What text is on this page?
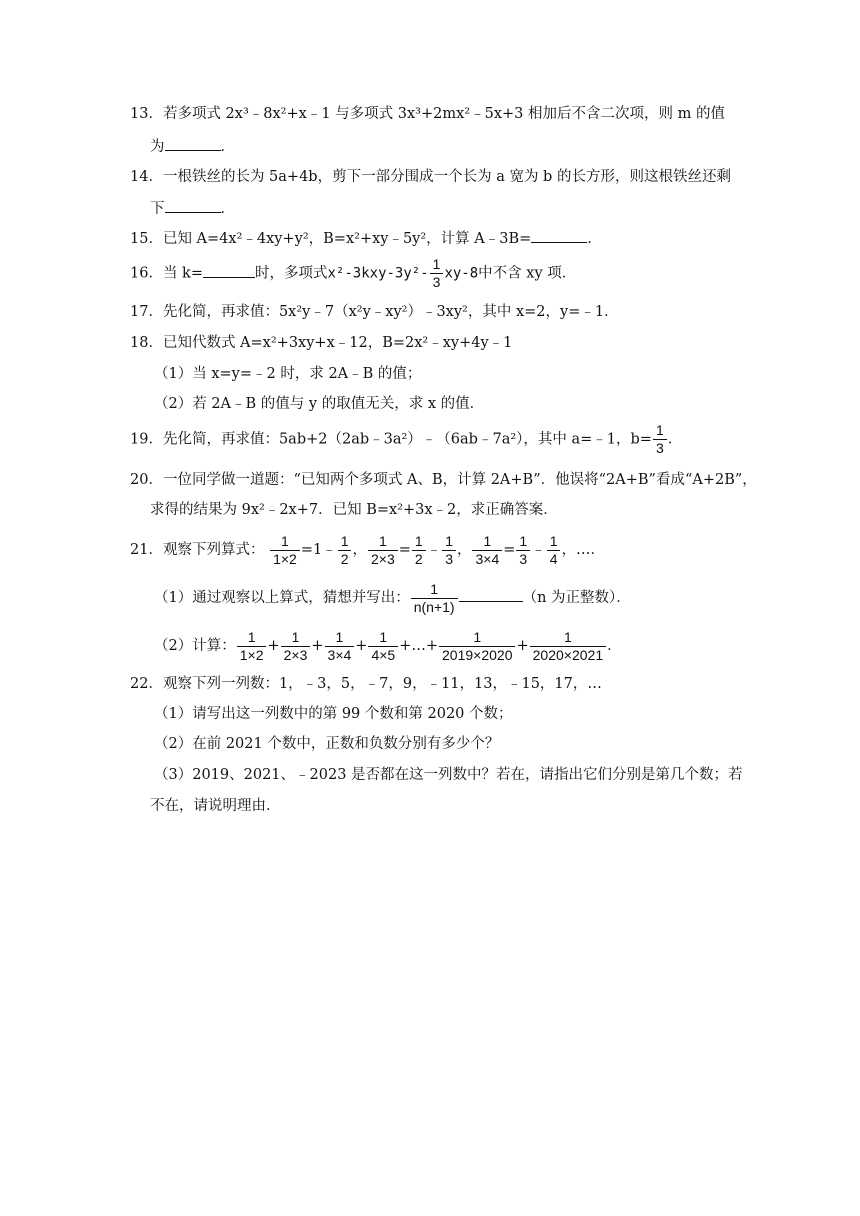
13．若多项式 2x³﹣8x²+x﹣1 与多项式 3x³+2mx²﹣5x+3 相加后不含二次项，则 m 的值
为	．
14．一根铁丝的长为 5a+4b，剪下一部分围成一个长为 a 宽为 b 的长方形，则这根铁丝还剩
下	．
15．已知 A=4x²﹣4xy+y²，B=x²+xy﹣5y²，计算 A﹣3B=	．
16．当 k=	时，多项式$x^2-3kxy-3y^2- \frac{1}{3} xy-8$中不含 xy 项．
17．先化简，再求值：5x²y﹣7（x²y﹣xy²）﹣3xy²，其中 x=2，y=﹣1．
18．已知代数式 A=x²+3xy+x﹣12，B=2x²﹣xy+4y﹣1
（1）当 x=y=﹣2 时，求 2A﹣B 的值；
（2）若 2A﹣B 的值与 y 的取值无关，求 x 的值．
19．先化简，再求值：5ab+2（2ab﹣3a²）﹣（6ab﹣7a²），其中 a=﹣1，$b= \frac{1}{3}$ ．
20．一位同学做一道题：“已知两个多项式 A、B，计算 2A+B”．他误将“2A+B”看成“A+2B”，
求得的结果为 9x²﹣2x+7．已知 B=x²+3x﹣2，求正确答案．
21．观察下列算式： $\frac{1}{1\times 2}$ =1﹣ $\frac{1}{2}$ ， $\frac{1}{2\times 3} = \frac{1}{2}$ ﹣ $\frac{1}{3}$ ， $\frac{1}{3\times 4} = \frac{1}{3}$ ﹣ $\frac{1}{4}$ ，…．
（1）通过观察以上算式，猜想并写出： $\frac{1}{n(n+1)}$	（n 为正整数）．
（2）计算： $\frac{1}{1\times 2} + \frac{1}{2\times 3} + \frac{1}{3\times 4} + \frac{1}{4\times 5}$ +…+ $\frac{1}{2019\times 2020} + \frac{1}{2020\times 2021}$ ．
22．观察下列一列数：1，﹣3，5，﹣7，9，﹣11，13，﹣15，17，…
（1）请写出这一列数中的第 99 个数和第 2020 个数；
（2）在前 2021 个数中，正数和负数分别有多少个？
（3）2019、2021、﹣2023 是否都在这一列数中？若在，请指出它们分别是第几个数；若
不在，请说明理由．
